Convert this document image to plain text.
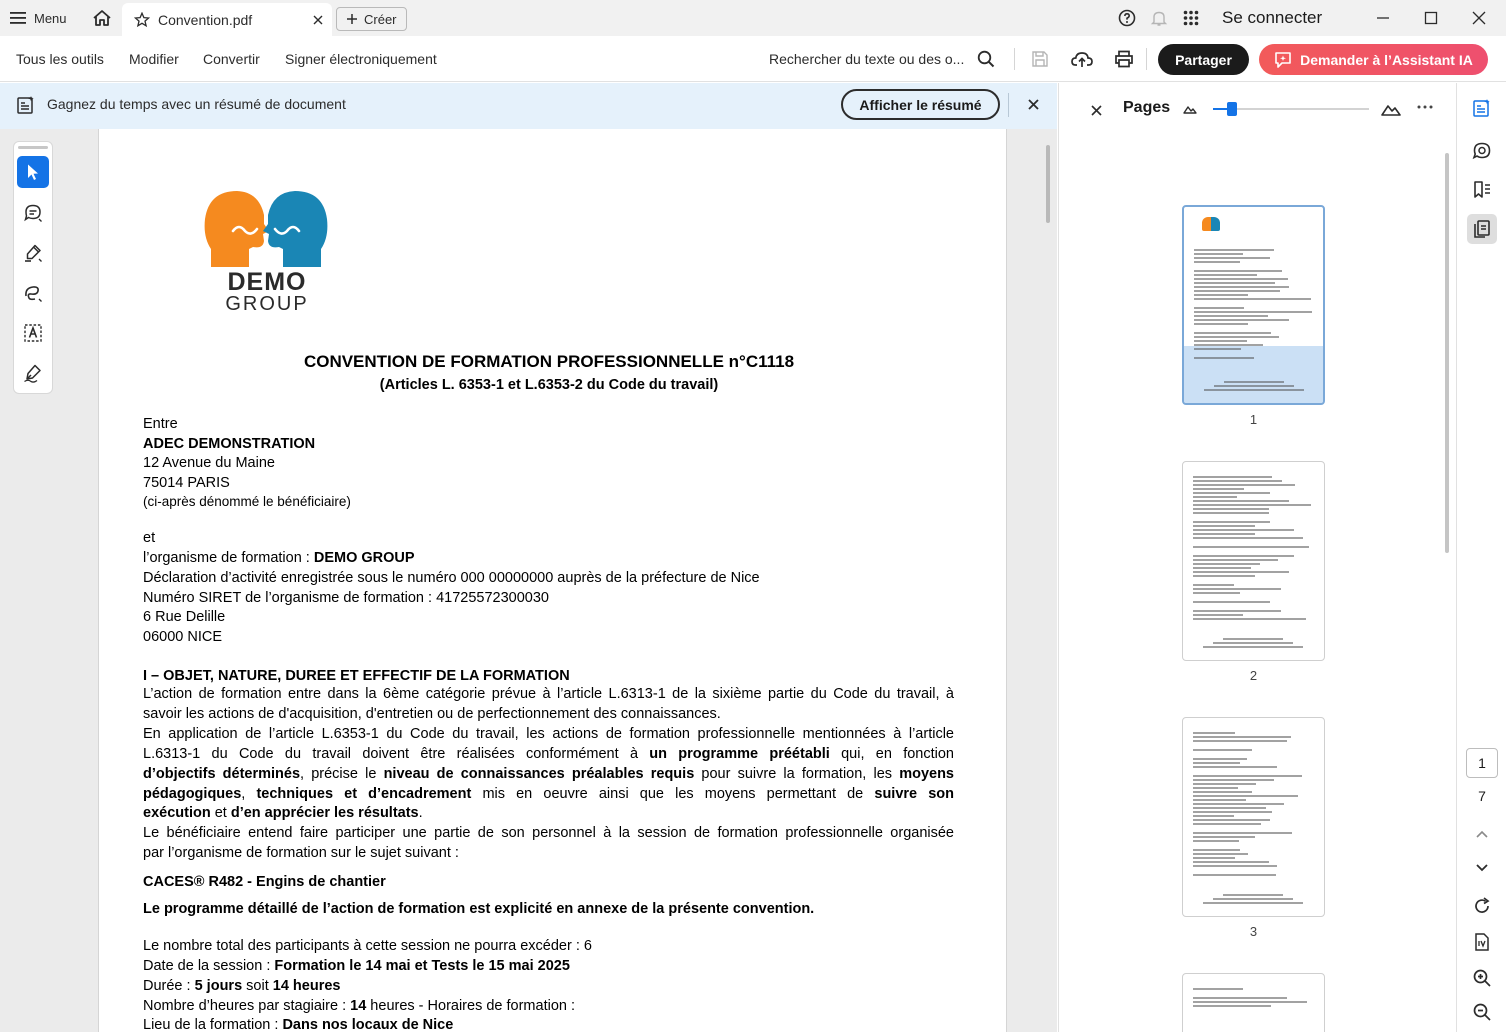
Menu	Convention.pdf	Créer	Se connecter
Tous les outils Modifier Convertir Signer électroniquement	Rechercher du texte ou des o...	Partager	Demander à l’Assistant IA
Gagnez du temps avec un résumé de document	Afficher le résumé
DEMO
GROUP
CONVENTION DE FORMATION PROFESSIONNELLE n°C1118
(Articles L. 6353-1 et L.6353-2 du Code du travail)
Entre
ADEC DEMONSTRATION
12 Avenue du Maine
75014 PARIS
(ci-après dénommé le bénéficiaire)
et
l’organisme de formation : DEMO GROUP
Déclaration d’activité enregistrée sous le numéro 000 00000000 auprès de la préfecture de Nice
Numéro SIRET de l’organisme de formation : 41725572300030
6 Rue Delille
06000 NICE
I – OBJET, NATURE, DUREE ET EFFECTIF DE LA FORMATION
L’action de formation entre dans la 6ème catégorie prévue à l’article L.6313-1 de la sixième partie du Code du travail, à
savoir les actions de d'acquisition, d'entretien ou de perfectionnement des connaissances.
En application de l’article L.6353-1 du Code du travail, les actions de formation professionnelle mentionnées à l’article
L.6313-1 du Code du travail doivent être réalisées conformément à un programme préétabli qui, en fonction
d’objectifs déterminés, précise le niveau de connaissances préalables requis pour suivre la formation, les moyens
pédagogiques, techniques et d’encadrement mis en oeuvre ainsi que les moyens permettant de suivre son
exécution et d’en apprécier les résultats.
Le bénéficiaire entend faire participer une partie de son personnel à la session de formation professionnelle organisée
par l’organisme de formation sur le sujet suivant :
CACES® R482 - Engins de chantier
Le programme détaillé de l’action de formation est explicité en annexe de la présente convention.
Le nombre total des participants à cette session ne pourra excéder : 6
Date de la session : Formation le 14 mai et Tests le 15 mai 2025
Durée : 5 jours soit 14 heures
Nombre d’heures par stagiaire : 14 heures - Horaires de formation :
Lieu de la formation : Dans nos locaux de Nice
Pages
1
2
3
1
7
